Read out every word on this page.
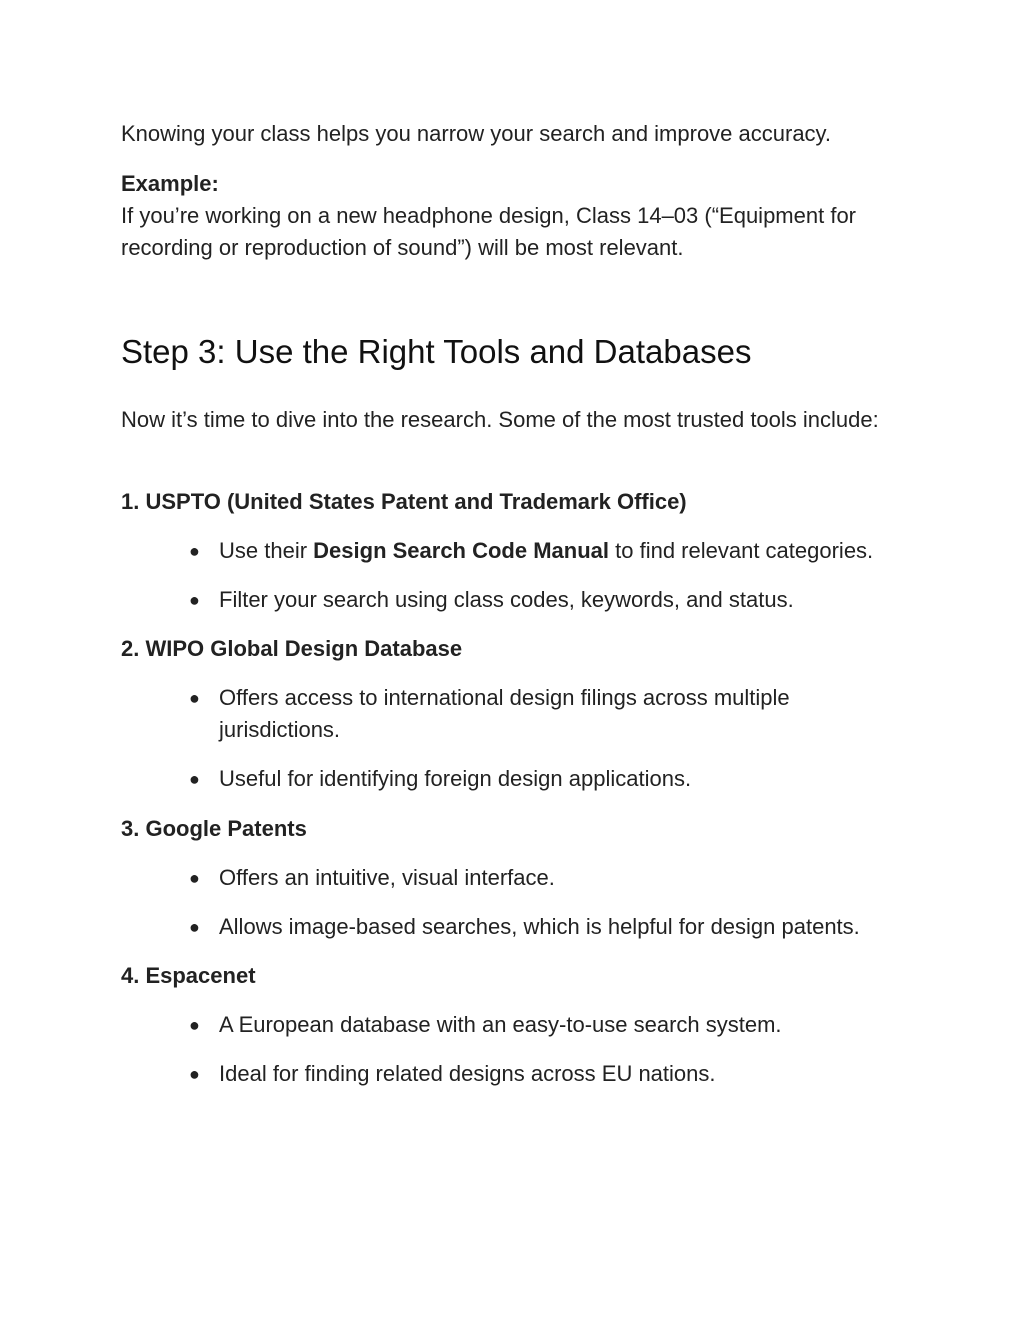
Knowing your class helps you narrow your search and improve accuracy.

Example:

If you’re working on a new headphone design, Class 14–03 (“Equipment for recording or reproduction of sound”) will be most relevant.

Step 3: Use the Right Tools and Databases

Now it’s time to dive into the research. Some of the most trusted tools include:

1. USPTO (United States Patent and Trademark Office)

● Use their Design Search Code Manual to find relevant categories.

● Filter your search using class codes, keywords, and status.

2. WIPO Global Design Database

● Offers access to international design filings across multiple jurisdictions.

● Useful for identifying foreign design applications.

3. Google Patents

● Offers an intuitive, visual interface.

● Allows image-based searches, which is helpful for design patents.

4. Espacenet

● A European database with an easy-to-use search system.

● Ideal for finding related designs across EU nations.
